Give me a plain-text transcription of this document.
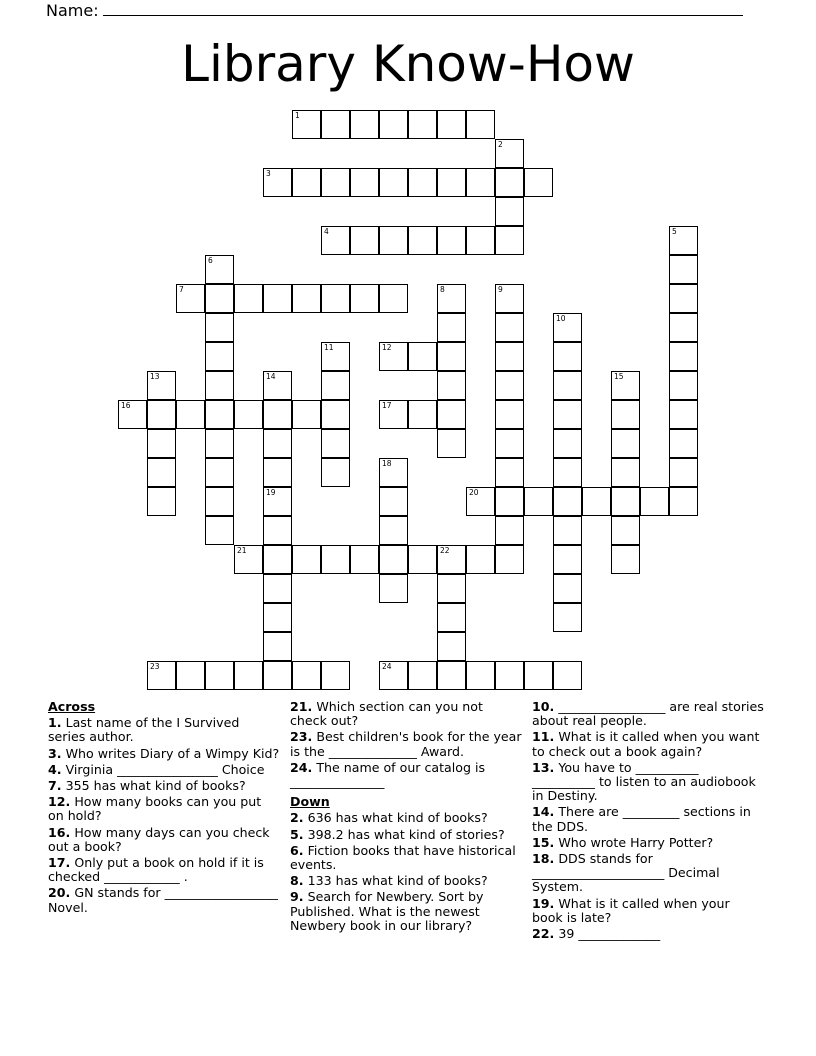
Name:
Library Know-How
1
2
3
4	5
6
7	8	9
10
11	12
13	14	15
16	17
18
19	20
21	22
23	24
Across
1. Last name of the I Survived series author.
3. Who writes Diary of a Wimpy Kid?
4. Virginia ________________ Choice
7. 355 has what kind of books?
12. How many books can you put on hold?
16. How many days can you check out a book?
17. Only put a book on hold if it is checked ____________ .
20. GN stands for __________________ Novel.
21. Which section can you not check out?
23. Best children's book for the year is the ______________ Award.
24. The name of our catalog is _______________
Down
2. 636 has what kind of books?
5. 398.2 has what kind of stories?
6. Fiction books that have historical events.
8. 133 has what kind of books?
9. Search for Newbery. Sort by Published. What is the newest Newbery book in our library?
10. _________________ are real stories about real people.
11. What is it called when you want to check out a book again?
13. You have to __________ __________ to listen to an audiobook in Destiny.
14. There are _________ sections in the DDS.
15. Who wrote Harry Potter?
18. DDS stands for _____________________ Decimal System.
19. What is it called when your book is late?
22. 39 _____________
